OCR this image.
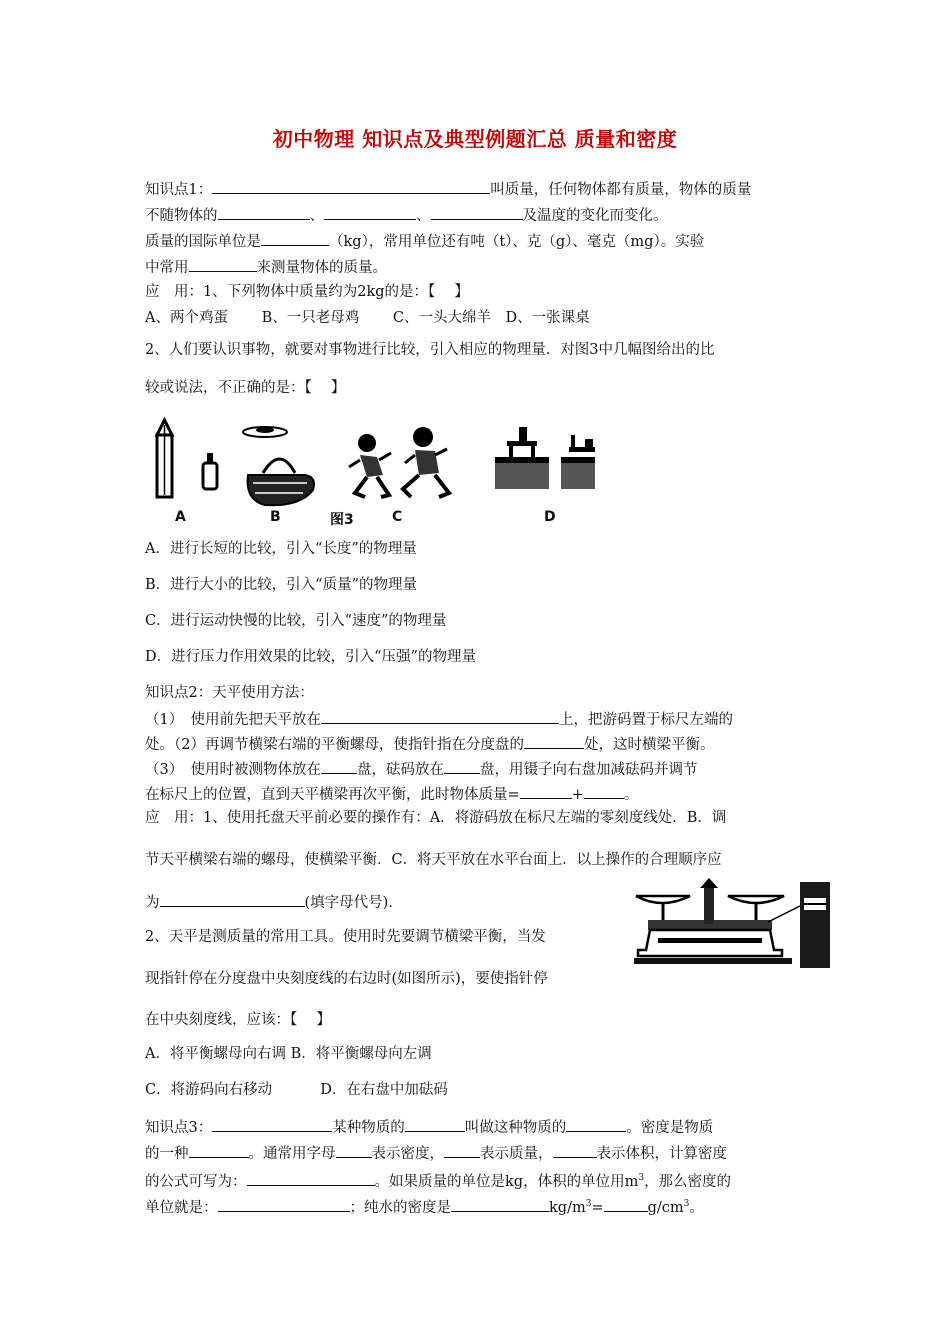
初中物理 知识点及典型例题汇总 质量和密度
知识点1：	叫质量，任何物体都有质量，物体的质量
不随物体的	、	、	及温度的变化而变化。
质量的国际单位是	（kg），常用单位还有吨（t）、克（g）、毫克（mg）。实验
中常用	来测量物体的质量。
应　用：1、下列物体中质量约为2kg的是：【　 】
A、两个鸡蛋　　 B、一只老母鸡　　 C、一头大绵羊　D、一张课桌
2、人们要认识事物，就要对事物进行比较，引入相应的物理量．对图3中几幅图给出的比
较或说法，不正确的是：【　 】
A	B	图3	C	D
A．进行长短的比较，引入“长度”的物理量
B．进行大小的比较，引入“质量”的物理量
C．进行运动快慢的比较，引入“速度”的物理量
D．进行压力作用效果的比较，引入“压强”的物理量
知识点2：天平使用方法：
（1）　使用前先把天平放在	上，把游码置于标尺左端的
处。（2）再调节横梁右端的平衡螺母，使指针指在分度盘的	处，这时横梁平衡。
（3）　使用时被测物体放在 盘，砝码放在 盘，用镊子向右盘加减砝码并调节
在标尺上的位置，直到天平横梁再次平衡，此时物体质量=	+	。
应　用：1、使用托盘天平前必要的操作有：A．将游码放在标尺左端的零刻度线处．B．调
节天平横梁右端的螺母，使横梁平衡．C．将天平放在水平台面上．以上操作的合理顺序应
为	(填字母代号)．
2、天平是测质量的常用工具。使用时先要调节横梁平衡，当发
现指针停在分度盘中央刻度线的右边时(如图所示)，要使指针停
在中央刻度线，应该：【　 】
A．将平衡螺母向右调 B．将平衡螺母向左调
C．将游码向右移动　　　 D．在右盘中加砝码
知识点3：	某种物质的	叫做这种物质的	。密度是物质
的一种	。通常用字母 表示密度， 表示质量，	表示体积，计算密度
的公式可写为：	。如果质量的单位是kg，体积的单位用$m^3$，那么密度的
单位就是：	；纯水的密度是	$kg/m^3=$	$g/cm^3$。
